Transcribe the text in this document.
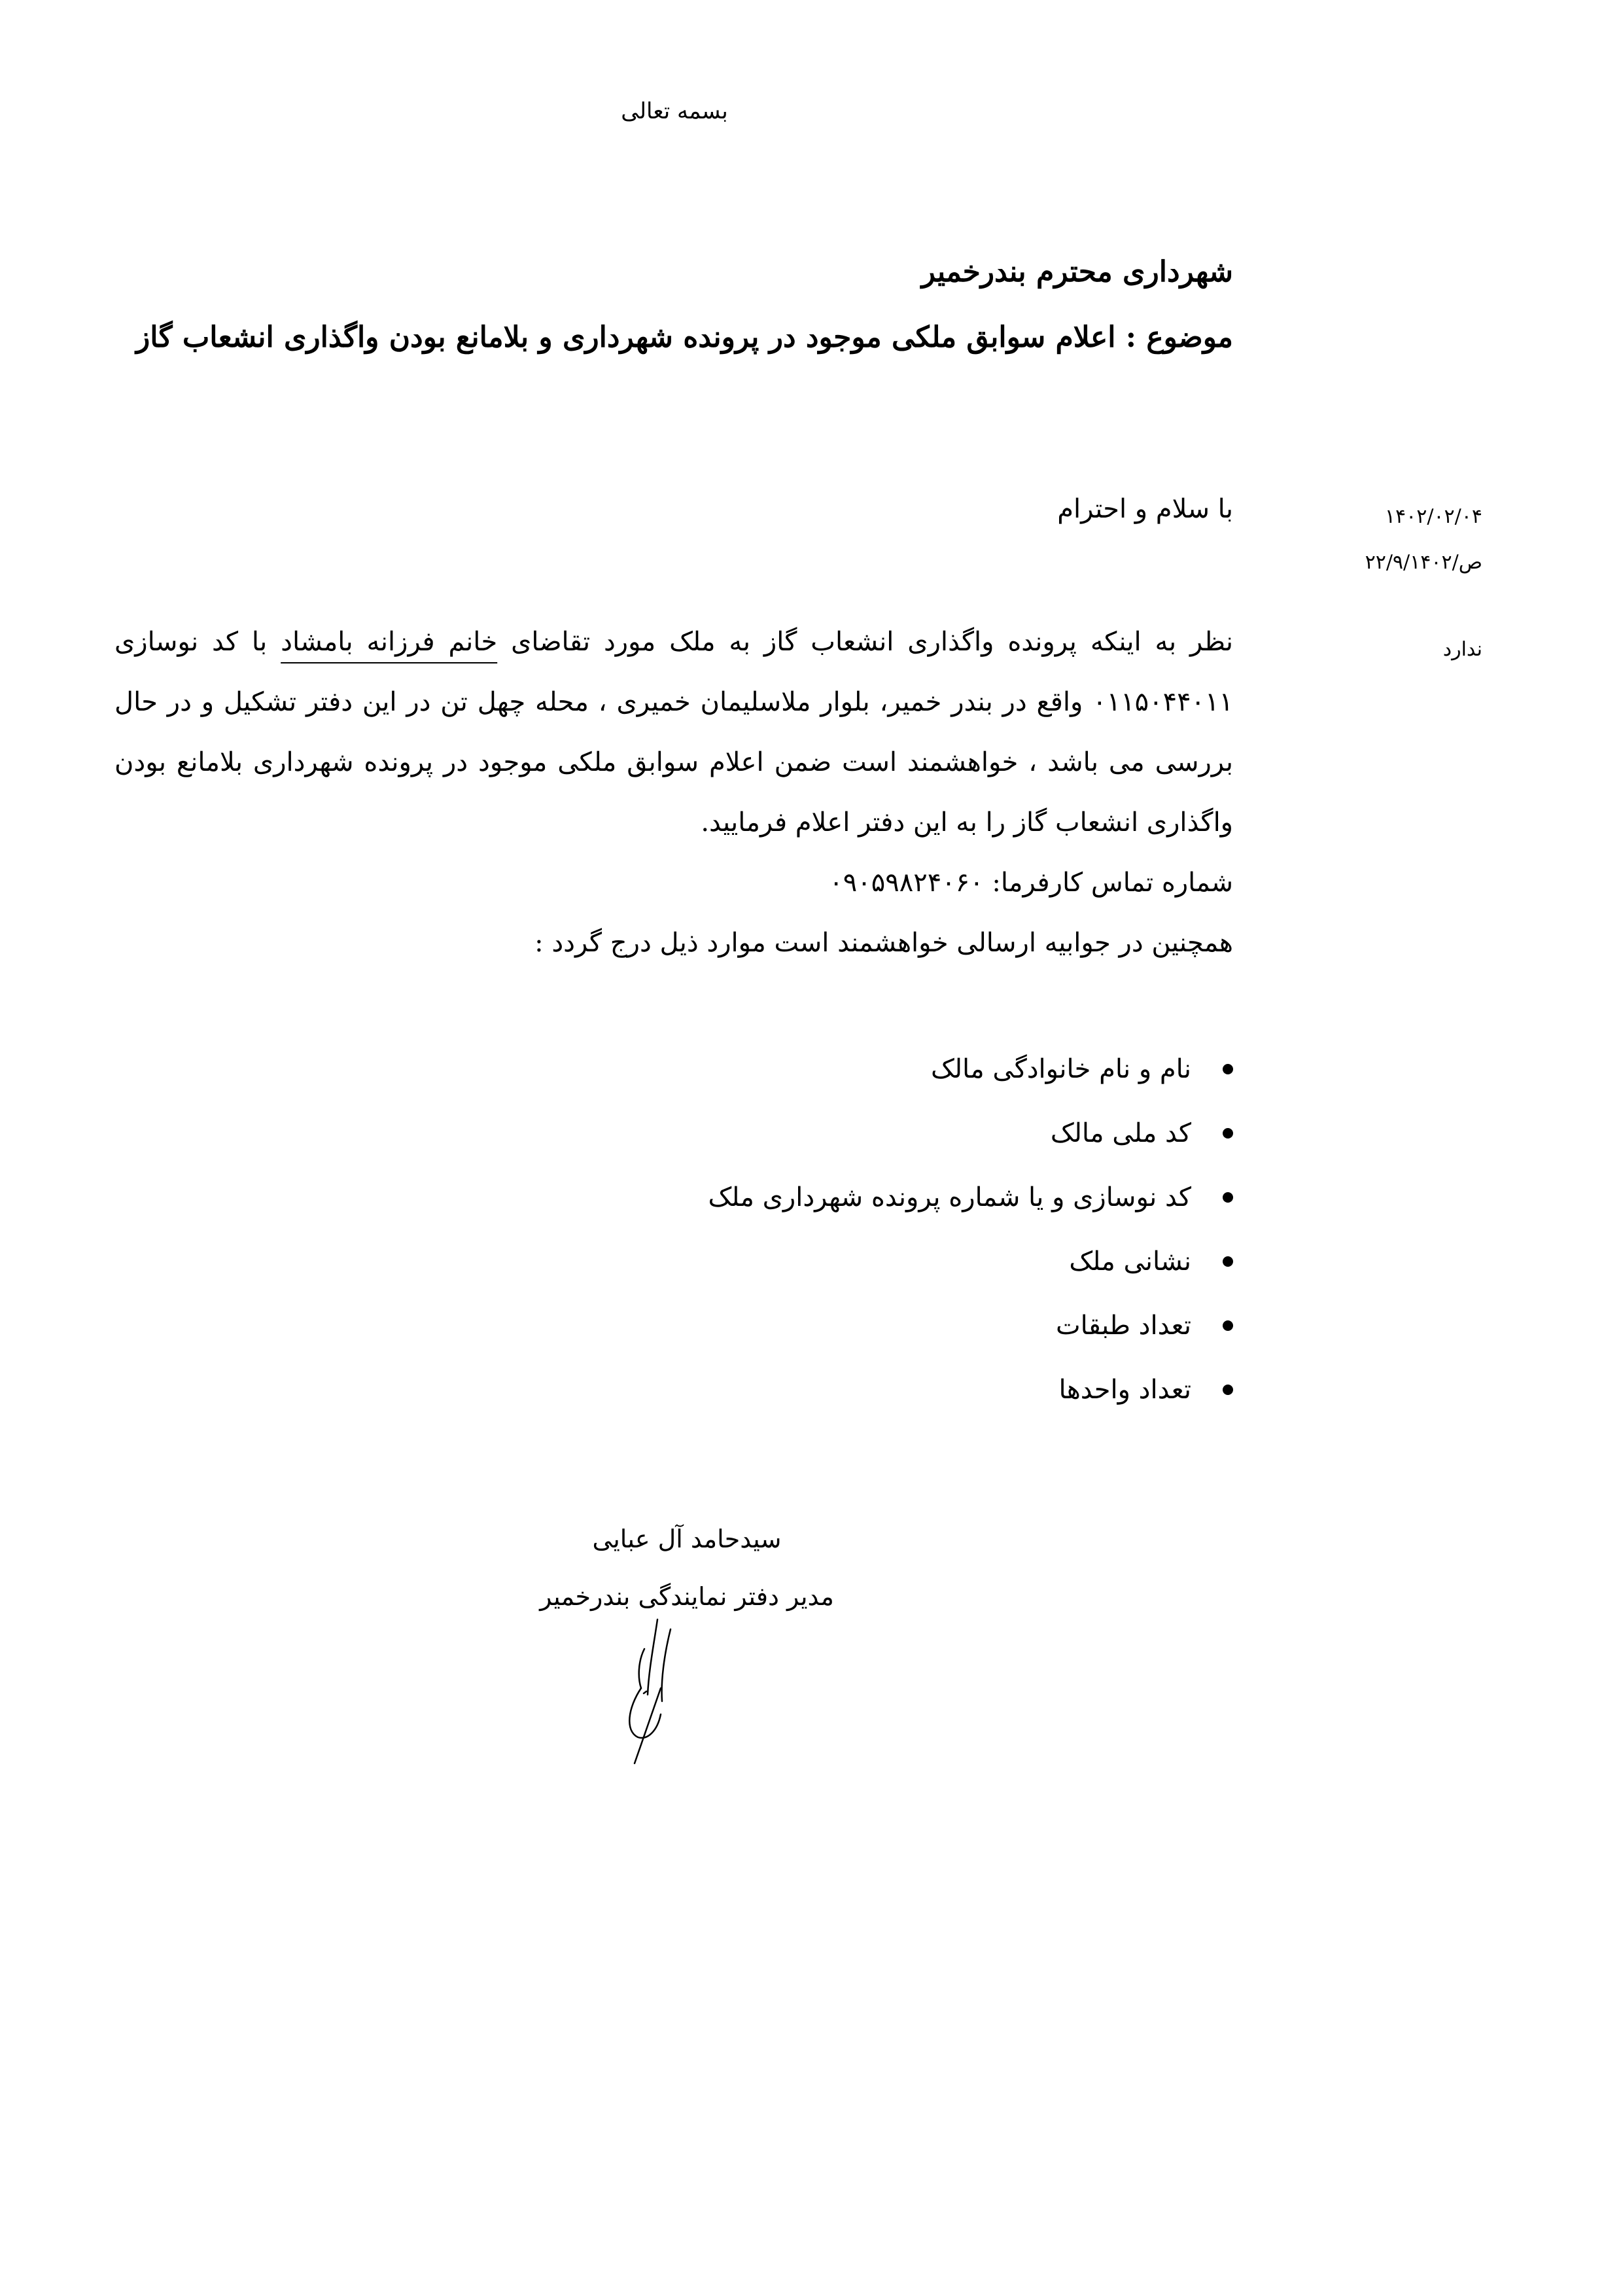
بسمه تعالی
۱۴۰۲/۰۲/۰۴
ص/۲۲/۹/۱۴۰۲
ندارد
شهرداری محترم بندرخمیر
موضوع : اعلام سوابق ملکی موجود در پرونده شهرداری و بلامانع بودن واگذاری انشعاب گاز
با سلام و احترام
نظر به اینکه پرونده واگذاری انشعاب گاز به ملک مورد تقاضای خانم فرزانه بامشاد با کد نوسازی ۰۱۱۵۰۴۴۰۱۱ واقع در بندر خمیر، بلوار ملاسلیمان خمیری ، محله چهل تن در این دفتر تشکیل و در حال بررسی می باشد ، خواهشمند است ضمن اعلام سوابق ملکی موجود در پرونده شهرداری بلامانع بودن واگذاری انشعاب گاز را به این دفتر اعلام فرمایید.
شماره تماس کارفرما: ۰۹۰۵۹۸۲۴۰۶۰
همچنین در جوابیه ارسالی خواهشمند است موارد ذیل درج گردد :
نام و نام خانوادگی مالک
کد ملی مالک
کد نوسازی و یا شماره پرونده شهرداری ملک
نشانی ملک
تعداد طبقات
تعداد واحدها
سیدحامد آل عبایی
مدیر دفتر نمایندگی بندرخمیر
